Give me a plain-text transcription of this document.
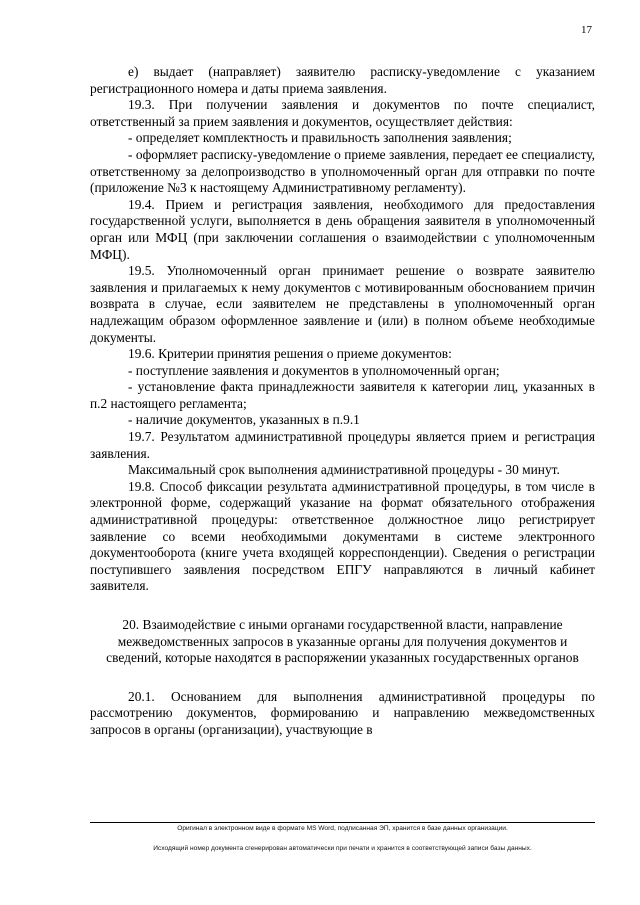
17

е) выдает (направляет) заявителю расписку-уведомление с указанием регистрационного номера и даты приема заявления.

19.3. При получении заявления и документов по почте специалист, ответственный за прием заявления и документов, осуществляет действия:

- определяет комплектность и правильность заполнения заявления;

- оформляет расписку-уведомление о приеме заявления, передает ее специалисту, ответственному за делопроизводство в уполномоченный орган для отправки по почте (приложение №3 к настоящему Административному регламенту).

19.4. Прием и регистрация заявления, необходимого для предоставления государственной услуги, выполняется в день обращения заявителя в уполномоченный орган или МФЦ (при заключении соглашения о взаимодействии с уполномоченным МФЦ).

19.5. Уполномоченный орган принимает решение о возврате заявителю заявления и прилагаемых к нему документов с мотивированным обоснованием причин возврата в случае, если заявителем не представлены в уполномоченный орган надлежащим образом оформленное заявление и (или) в полном объеме необходимые документы.

19.6. Критерии принятия решения о приеме документов:

- поступление заявления и документов в уполномоченный орган;

- установление факта принадлежности заявителя к категории лиц, указанных в п.2 настоящего регламента;

- наличие документов, указанных в п.9.1

19.7. Результатом административной процедуры является прием и регистрация заявления.

Максимальный срок выполнения административной процедуры - 30 минут.

19.8. Способ фиксации результата административной процедуры, в том числе в электронной форме, содержащий указание на формат обязательного отображения административной процедуры: ответственное должностное лицо регистрирует заявление со всеми необходимыми документами в системе электронного документооборота (книге учета входящей корреспонденции). Сведения о регистрации поступившего заявления посредством ЕПГУ направляются в личный кабинет заявителя.

20. Взаимодействие с иными органами государственной власти, направление межведомственных запросов в указанные органы для получения документов и сведений, которые находятся в распоряжении указанных государственных органов

20.1. Основанием для выполнения административной процедуры по рассмотрению документов, формированию и направлению межведомственных запросов в органы (организации), участвующие в

Оригинал в электронном виде в формате MS Word, подписанная ЭП, хранится в базе данных организации.
Исходящий номер документа сгенерирован автоматически при печати и хранится в соответствующей записи базы данных.
